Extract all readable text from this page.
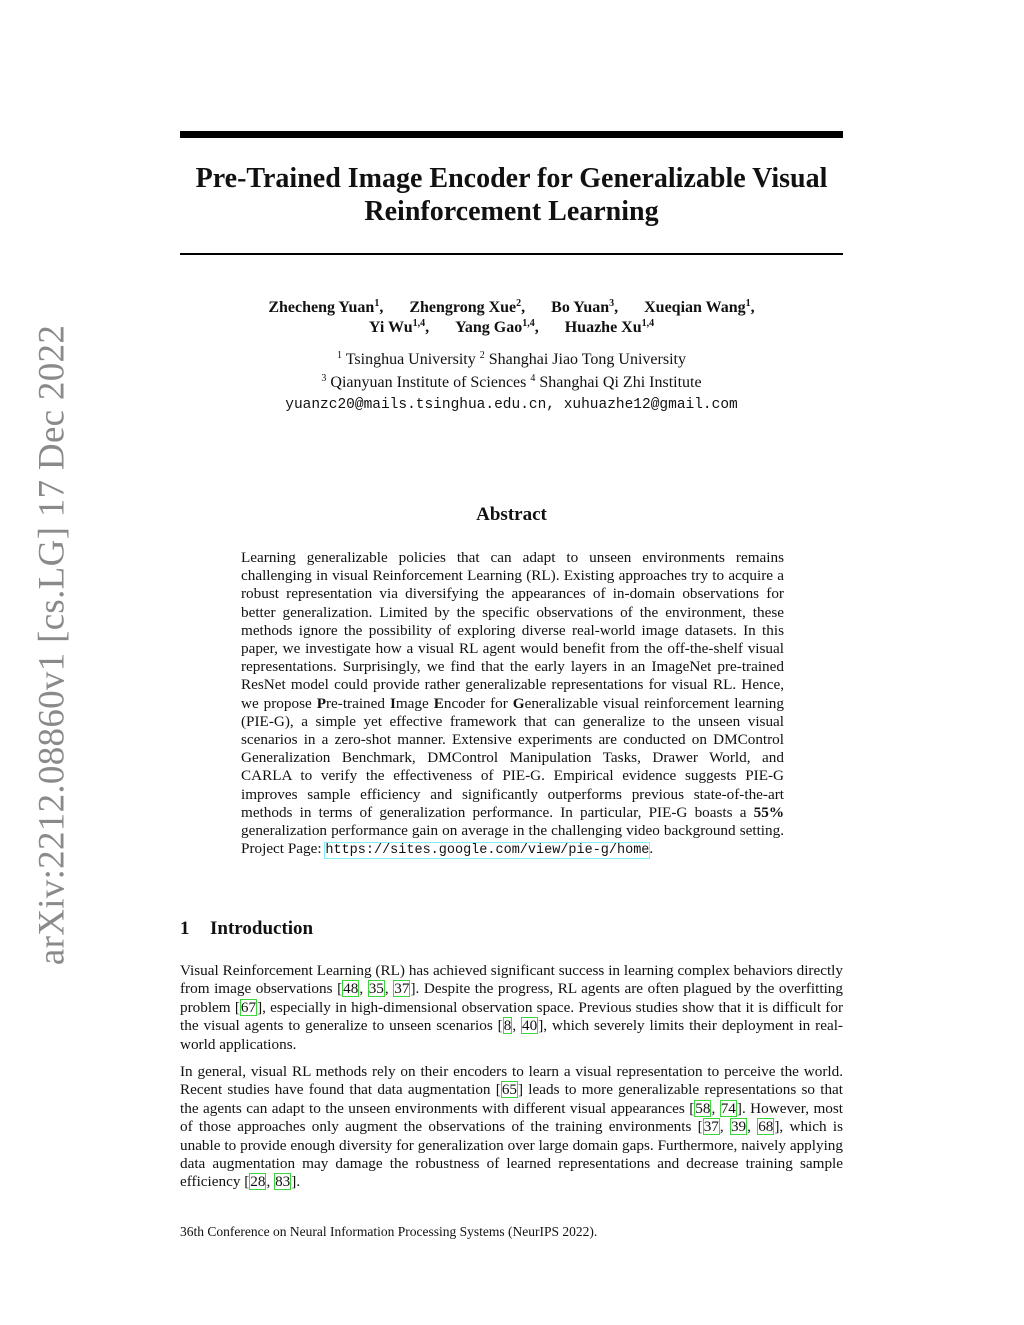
arXiv:2212.08860v1 [cs.LG] 17 Dec 2022
Pre-Trained Image Encoder for Generalizable Visual
Reinforcement Learning
Zhecheng Yuan$^1$, Zhengrong Xue$^2$, Bo Yuan$^3$, Xueqian Wang$^1$,
Yi Wu$^{1,4}$, Yang Gao$^{1,4}$, Huazhe Xu$^{1,4}$
$^1$ Tsinghua University $^2$ Shanghai Jiao Tong University
$^3$ Qianyuan Institute of Sciences $^4$ Shanghai Qi Zhi Institute
yuanzc20@mails.tsinghua.edu.cn, xuhuazhe12@gmail.com
Abstract

Learning generalizable policies that can adapt to unseen environments remains challenging in visual Reinforcement Learning (RL). Existing approaches try to acquire a robust representation via diversifying the appearances of in-domain observations for better generalization. Limited by the specific observations of the environment, these methods ignore the possibility of exploring diverse real-world image datasets. In this paper, we investigate how a visual RL agent would benefit from the off-the-shelf visual representations. Surprisingly, we find that the early layers in an ImageNet pre-trained ResNet model could provide rather generalizable representations for visual RL. Hence, we propose Pre-trained Image Encoder for Generalizable visual reinforcement learning (PIE-G), a simple yet effective framework that can generalize to the unseen visual scenarios in a zero-shot manner. Extensive experiments are conducted on DMControl Generalization Benchmark, DMControl Manipulation Tasks, Drawer World, and CARLA to verify the effectiveness of PIE-G. Empirical evidence suggests PIE-G improves sample efficiency and significantly outperforms previous state-of-the-art methods in terms of generalization performance. In particular, PIE-G boasts a 55% generalization performance gain on average in the challenging video background setting. Project Page: https://sites.google.com/view/pie-g/home.

1 Introduction

Visual Reinforcement Learning (RL) has achieved significant success in learning complex behaviors directly from image observations [48, 35, 37]. Despite the progress, RL agents are often plagued by the overfitting problem [67], especially in high-dimensional observation space. Previous studies show that it is difficult for the visual agents to generalize to unseen scenarios [8, 40], which severely limits their deployment in real-world applications.

In general, visual RL methods rely on their encoders to learn a visual representation to perceive the world. Recent studies have found that data augmentation [65] leads to more generalizable representations so that the agents can adapt to the unseen environments with different visual appearances [58, 74]. However, most of those approaches only augment the observations of the training environments [37, 39, 68], which is unable to provide enough diversity for generalization over large domain gaps. Furthermore, naively applying data augmentation may damage the robustness of learned representations and decrease training sample efficiency [28, 83].

36th Conference on Neural Information Processing Systems (NeurIPS 2022).
